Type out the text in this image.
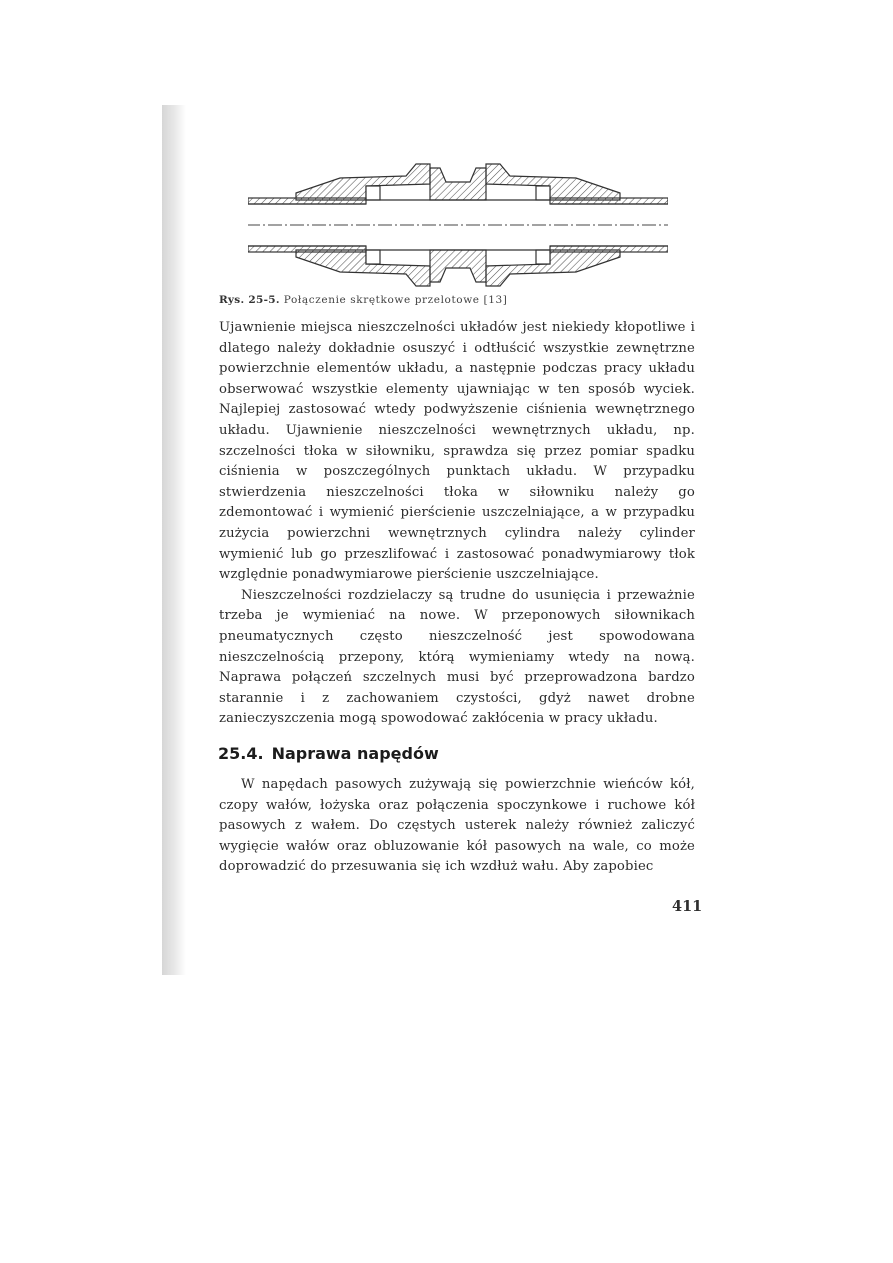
Rys. 25-5. Połączenie skrętkowe przelotowe [13]

Ujawnienie miejsca nieszczelności układów jest niekiedy kłopotliwe i dlatego należy dokładnie osuszyć i odtłuścić wszystkie zewnętrzne powierzchnie elementów układu, a następnie podczas pracy układu obserwować wszystkie elementy ujawniając w ten sposób wyciek. Najlepiej zastosować wtedy podwyższenie ciśnienia wewnętrznego układu. Ujawnienie nieszczelności wewnętrznych układu, np. szczelności tłoka w siłowniku, sprawdza się przez pomiar spadku ciśnienia w poszczególnych punktach układu. W przypadku stwierdzenia nieszczelności tłoka w siłowniku należy go zdemontować i wymienić pierścienie uszczelniające, a w przypadku zużycia powierzchni wewnętrznych cylindra należy cylinder wymienić lub go przeszlifować i zastosować ponadwymiarowy tłok względnie ponadwymiarowe pierścienie uszczelniające.

Nieszczelności rozdzielaczy są trudne do usunięcia i przeważnie trzeba je wymieniać na nowe. W przeponowych siłownikach pneumatycznych często nieszczelność jest spowodowana nieszczelnością przepony, którą wymieniamy wtedy na nową. Naprawa połączeń szczelnych musi być przeprowadzona bardzo starannie i z zachowaniem czystości, gdyż nawet drobne zanieczyszczenia mogą spowodować zakłócenia w pracy układu.

25.4. Naprawa napędów

W napędach pasowych zużywają się powierzchnie wieńców kół, czopy wałów, łożyska oraz połączenia spoczynkowe i ruchowe kół pasowych z wałem. Do częstych usterek należy również zaliczyć wygięcie wałów oraz obluzowanie kół pasowych na wale, co może doprowadzić do przesuwania się ich wzdłuż wału. Aby zapobiec

411
